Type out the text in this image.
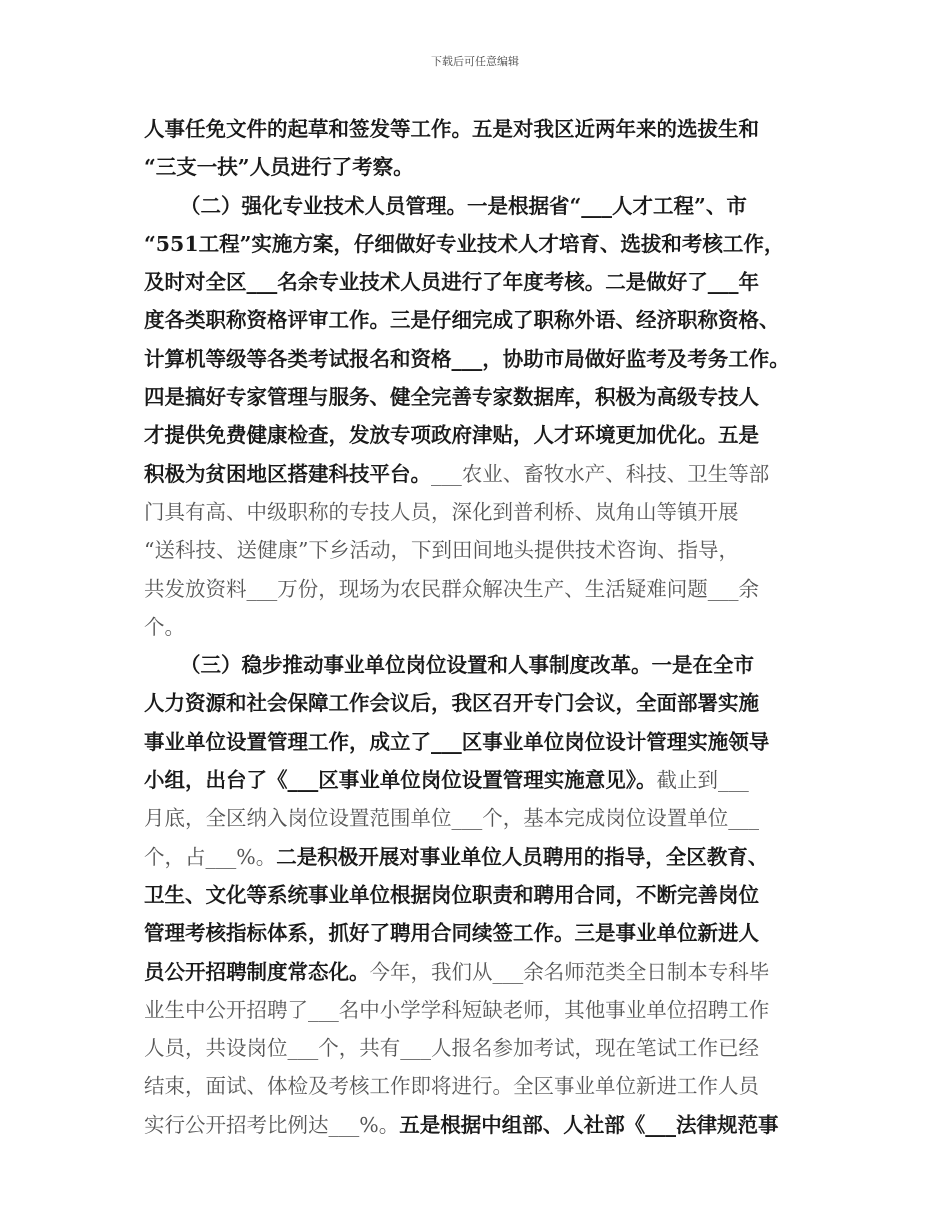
下载后可任意编辑
人事任免文件的起草和签发等工作。五是对我区近两年来的选拔生和
“三支一扶”人员进行了考察。
（二）强化专业技术人员管理。一是根据省“___人才工程”、市
“551工程”实施方案，仔细做好专业技术人才培育、选拔和考核工作，
及时对全区___名余专业技术人员进行了年度考核。二是做好了___年
度各类职称资格评审工作。三是仔细完成了职称外语、经济职称资格、
计算机等级等各类考试报名和资格___，协助市局做好监考及考务工作。
四是搞好专家管理与服务、健全完善专家数据库，积极为高级专技人
才提供免费健康检查，发放专项政府津贴，人才环境更加优化。五是
积极为贫困地区搭建科技平台。___农业、畜牧水产、科技、卫生等部
门具有高、中级职称的专技人员，深化到普利桥、岚角山等镇开展
“送科技、送健康”下乡活动，下到田间地头提供技术咨询、指导，
共发放资料___万份，现场为农民群众解决生产、生活疑难问题___余
个。
（三）稳步推动事业单位岗位设置和人事制度改革。一是在全市
人力资源和社会保障工作会议后，我区召开专门会议，全面部署实施
事业单位设置管理工作，成立了___区事业单位岗位设计管理实施领导
小组，出台了《___区事业单位岗位设置管理实施意见》。截止到___
月底，全区纳入岗位设置范围单位___个，基本完成岗位设置单位___
个，占___%。二是积极开展对事业单位人员聘用的指导，全区教育、
卫生、文化等系统事业单位根据岗位职责和聘用合同，不断完善岗位
管理考核指标体系，抓好了聘用合同续签工作。三是事业单位新进人
员公开招聘制度常态化。今年，我们从___余名师范类全日制本专科毕
业生中公开招聘了___名中小学学科短缺老师，其他事业单位招聘工作
人员，共设岗位___个，共有___人报名参加考试，现在笔试工作已经
结束，面试、体检及考核工作即将进行。全区事业单位新进工作人员
实行公开招考比例达___%。五是根据中组部、人社部《___法律规范事
